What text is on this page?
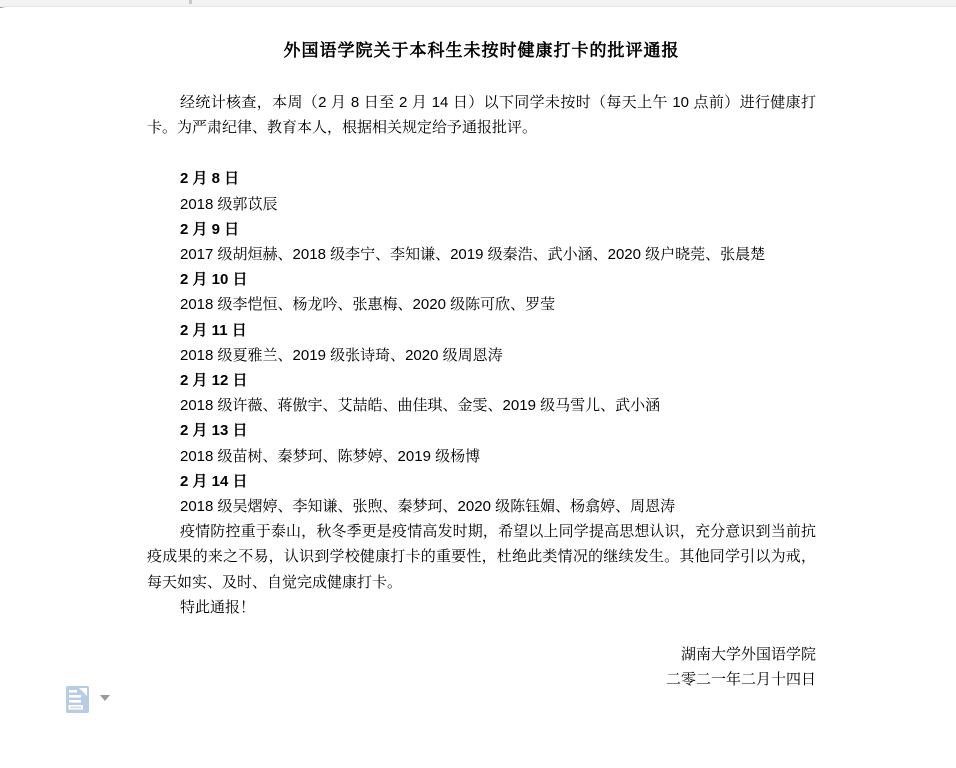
外国语学院关于本科生未按时健康打卡的批评通报

经统计核查，本周（2 月 8 日至 2 月 14 日）以下同学未按时（每天上午 10 点前）进行健康打卡。为严肃纪律、教育本人，根据相关规定给予通报批评。

2 月 8 日

2018 级郭苡辰

2 月 9 日

2017 级胡烜赫、2018 级李宁、李知谦、2019 级秦浩、武小涵、2020 级户晓莞、张晨楚

2 月 10 日

2018 级李恺恒、杨龙吟、张惠梅、2020 级陈可欣、罗莹

2 月 11 日

2018 级夏雅兰、2019 级张诗琦、2020 级周恩涛

2 月 12 日

2018 级许薇、蒋傲宇、艾喆皓、曲佳琪、金雯、2019 级马雪儿、武小涵

2 月 13 日

2018 级苗树、秦梦珂、陈梦婷、2019 级杨博

2 月 14 日

2018 级吴熠婷、李知谦、张煦、秦梦珂、2020 级陈钰媚、杨翕婷、周恩涛

疫情防控重于泰山，秋冬季更是疫情高发时期，希望以上同学提高思想认识，充分意识到当前抗疫成果的来之不易，认识到学校健康打卡的重要性，杜绝此类情况的继续发生。其他同学引以为戒，每天如实、及时、自觉完成健康打卡。

特此通报！

湖南大学外国语学院

二零二一年二月十四日
